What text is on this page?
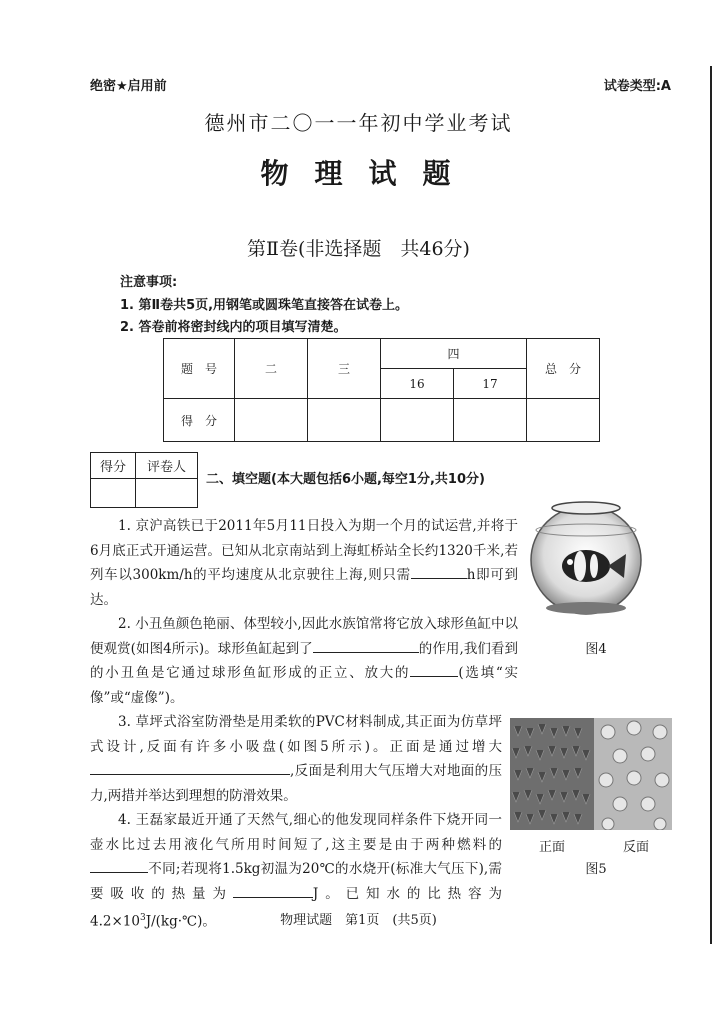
绝密★启用前	试卷类型:A
德州市二〇一一年初中学业考试
物理试题
第Ⅱ卷(非选择题　共46分)
注意事项:
1. 第Ⅱ卷共5页,用钢笔或圆珠笔直接答在试卷上。
2. 答卷前将密封线内的项目填写清楚。
题　号	二	三	四		总　分
			16	17	
得　分					
得分	评卷人

二、填空题(本大题包括6小题,每空1分,共10分)
图4
正面	反面
图5
1. 京沪高铁已于2011年5月11日投入为期一个月的试运营,并将于6月底正式开通运营。已知从北京南站到上海虹桥站全长约1320千米,若列车以300km/h的平均速度从北京驶往上海,则只需	h即可到达。
2. 小丑鱼颜色艳丽、体型较小,因此水族馆常将它放入球形鱼缸中以便观赏(如图4所示)。球形鱼缸起到了	的作用,我们看到的小丑鱼是它通过球形鱼缸形成的正立、放大的	(选填“实像”或“虚像”)。
3. 草坪式浴室防滑垫是用柔软的PVC材料制成,其正面为仿草坪式设计,反面有许多小吸盘(如图5所示)。正面是通过增大,反面是利用大气压增大对地面的压力,两措并举达到理想的防滑效果。
4. 王磊家最近开通了天然气,细心的他发现同样条件下烧开同一壶水比过去用液化气所用时间短了,这主要是由于两种燃料的不同;若现将1.5kg初温为20℃的水烧开(标准大气压下),需要吸收的热量为	J。已知水的比热容为$4.2\times 10^3J/(kg\cdot℃)$。	物理试题　第1页　(共5页)
